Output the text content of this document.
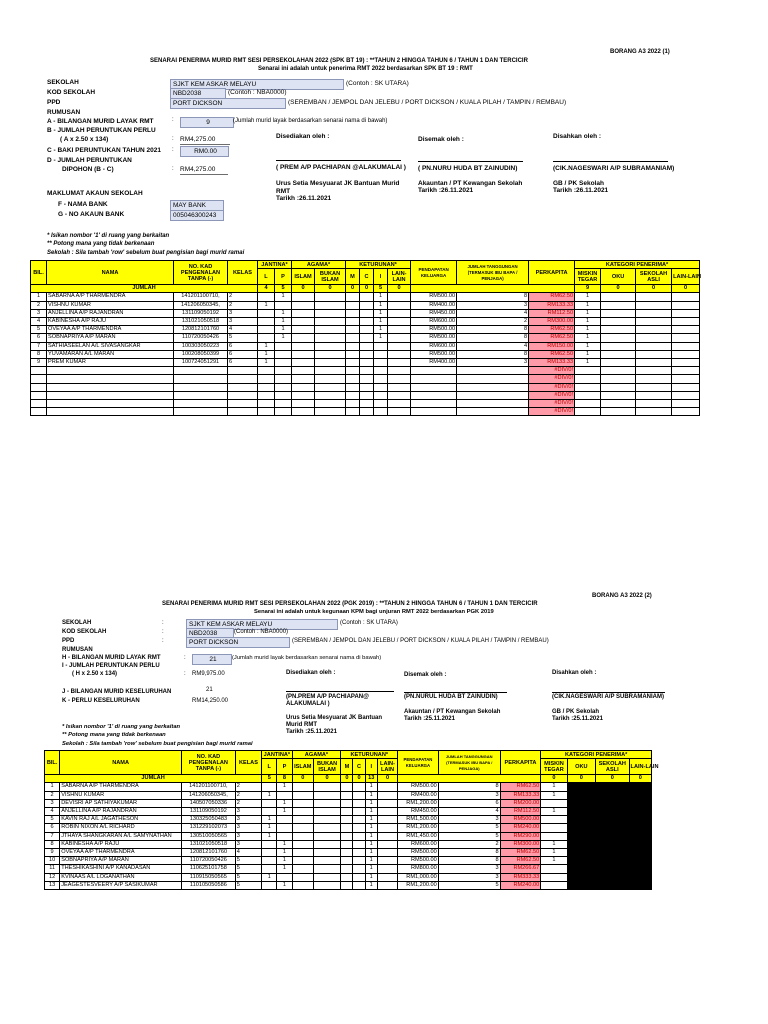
BORANG A3 2022 (1)
SENARAI PENERIMA MURID RMT SESI PERSEKOLAHAN 2022 (SPK BT 19) : **TAHUN 2 HINGGA TAHUN 6 / TAHUN 1 DAN TERCICIR
Senarai ini adalah untuk penerima RMT 2022 berdasarkan SPK BT 19 : RMT
SEKOLAH	SJKT KEM ASKAR MELAYU	(Contoh : SK UTARA)
KOD SEKOLAH	NBD2038	(Contoh : NBA0000)
PPD	PORT DICKSON	(SEREMBAN / JEMPOL DAN JELEBU / PORT DICKSON / KUALA PILAH / TAMPIN / REMBAU)
RUMUSAN
A - BILANGAN MURID LAYAK RMT	:	9	(Jumlah murid layak berdasarkan senarai nama di bawah)
B - JUMLAH PERUNTUKAN PERLU
( A x 2.50 x 134)	: RM4,275.00
C - BAKI PERUNTUKAN TAHUN 2021 :	RM0.00
D - JUMLAH PERUNTUKAN
DIPOHON (B - C)	: RM4,275.00
MAKLUMAT AKAUN SEKOLAH
F - NAMA BANK	MAY BANK
G - NO AKAUN BANK	005046300243
Disediakan oleh :	Disemak oleh :	Disahkan oleh :
( PREM A/P PACHIAPAN @ALAKUMALAI ) ( PN.NURU HUDA BT ZAINUDIN)	(CIK.NAGESWARI A/P SUBRAMANIAM)
Urus Setia Mesyuarat JK Bantuan Murid
RMT
Tarikh :26.11.2021
Akauntan / PT Kewangan Sekolah
Tarikh :26.11.2021
GB / PK Sekolah
Tarikh :26.11.2021
* Isikan nombor '1' di ruang yang berkaitan
** Potong mana yang tidak berkenaan
Sekolah : Sila tambah 'row' sebelum buat pengisian bagi murid ramai
BIL.	NAMA	NO. KAD PENGENALAN TANPA (-)	KELAS	JANTINA*		AGAMA*		KETURUNAN*				PENDAPATAN KELUARGA	JUMLAH TANGGUNGAN (TERMASUK IBU BAPA / PENJAGA)	PERKAPITA	KATEGORI PENERIMA*			
				L	P	ISLAM	BUKAN ISLAM	M	C	I	LAIN-LAIN				MISKIN TEGAR	OKU	SEKOLAH ASLI	LAIN-LAIN
JUMLAH				4	5	0	0	0	0	5	0				9	0	0	0
1	SABARNA A/P THARMENDRA	141201100710,	2		1					1		RM500.00	8	RM62.50	1			
2	VISHNU KUMAR	141206050345,	2	1						1		RM400.00	3	RM133.33	1			
3	ANJELLINA A/P RAJANDRAN	131109050192	3		1					1		RM450.00	4	RM112.50	1			
4	KABINESHA A/P RAJU	131021050518	3		1					1		RM600.00	2	RM300.00	1			
5	OVEYAA A/P THARMENDRA	120812101760	4		1					1		RM500.00	8	RM62.50	1			
6	SOBNAPRIYA A/P MARAN	110720050426	5		1					1		RM500.00	8	RM62.50	1			
7	SATHIASEELAN A/L SIVASANGKAR	100303050223	6	1								RM600.00	4	RM150.00	1			
8	YUVAMARAN A/L MARAN	100208050399	6	1								RM500.00	8	RM62.50	1			
9	PREM KUMAR	100724051291	6	1								RM400.00	3	RM133.33	1			
														#DIV/0!				
														#DIV/0!				
														#DIV/0!				
														#DIV/0!				
														#DIV/0!				
														#DIV/0!				
BORANG A3 2022 (2)
SENARAI PENERIMA MURID RMT SESI PERSEKOLAHAN 2022 (PGK 2019) : **TAHUN 2 HINGGA TAHUN 6 / TAHUN 1 DAN TERCICIR
Senarai ini adalah untuk kegunaan KPM bagi unjuran RMT 2022 berdasarkan PGK 2019
SEKOLAH	:	SJKT KEM ASKAR MELAYU	(Contoh : SK UTARA)
KOD SEKOLAH	:	NBD2038	(Contoh : NBA0000)
PPD	:	PORT DICKSON	(SEREMBAN / JEMPOL DAN JELEBU / PORT DICKSON / KUALA PILAH / TAMPIN / REMBAU)
RUMUSAN
H - BILANGAN MURID LAYAK RMT	:	21	(Jumlah murid layak berdasarkan senarai nama di bawah)
I - JUMLAH PERUNTUKAN PERLU
( H x 2.50 x 134)	: RM9,975.00
J - BILANGAN MURID KESELURUHAN	21
K - PERLU KESELURUHAN	RM14,250.00
Disediakan oleh :	Disemak oleh :	Disahkan oleh :
(PN.PREM A/P PACHIAPAN@
ALAKUMALAI )
(PN.NURUL HUDA BT ZAINUDIN)	(CIK.NAGESWARI A/P SUBRAMANIAM)
Urus Setia Mesyuarat JK Bantuan
Murid RMT
Tarikh :25.11.2021
Akauntan / PT Kewangan Sekolah
Tarikh :25.11.2021
GB / PK Sekolah
Tarikh :25.11.2021
* Isikan nombor '1' di ruang yang berkaitan
** Potong mana yang tidak berkenaan
Sekolah : Sila tambah 'row' sebelum buat pengisian bagi murid ramai
BIL.	NAMA	NO. KAD PENGENALAN TANPA (-)	KELAS	JANTINA*		AGAMA*		KETURUNAN*				PENDAPATAN KELUARGA	JUMLAH TANGGUNGAN (TERMASUK IBU BAPA / PENJAGA)	PERKAPITA	KATEGORI PENERIMA*			
				L	P	ISLAM	BUKAN ISLAM	M	C	I	LAIN-LAIN				MISKIN TEGAR	OKU	SEKOLAH ASLI	LAIN-LAIN
JUMLAH				5	8	0	0	0	0	13	0				0	0	0	0
1	SABARNA A/P THARMENDRA	141201100710,	2		1					1		RM500.00	8	RM62.50	1			
2	VISHNU KUMAR	141206050345,	2	1						1		RM400.00	3	RM133.33	1			
3	DEVISRI AP SATHIYAKUMAR	140507050336	2		1					1		RM1,200.00	6	RM200.00				
4	ANJELLINA A/P RAJANDRAN	131109050192	3		1					1		RM450.00	4	RM112.50	1			
5	KAVIN RAJ A/L JAGATHESON	130325050483	3	1						1		RM1,500.00	3	RM500.00				
6	ROBIN NIXON A/L RICHARD	131229102073	3	1						1		RM1,200.00	5	RM240.00				
7	JTHAYA SHANGKARAN A/L SAMYNATHAN	130510050565	3	1						1		RM1,450.00	5	RM290.00				
8	KABINESHA A/P RAJU	131021050518	3		1					1		RM600.00	2	RM300.00	1			
9	OVEYAA A/P THARMENDRA	120812101760	4		1					1		RM500.00	8	RM62.50	1			
10	SOBNAPRIYA A/P MARAN	110720050426	5		1					1		RM500.00	8	RM62.50	1			
11	THESHIKASHINI A/P KANADASAN	110625101758	5		1					1		RM800.00	3	RM266.67				
12	KVINAAS A/L LOGANATHAN	110915050565	5	1						1		RM1,000.00	3	RM333.33				
13	JEAGESTESVEERY A/P SASIKUMAR	110105050586	5		1					1		RM1,200.00	5	RM240.00				
